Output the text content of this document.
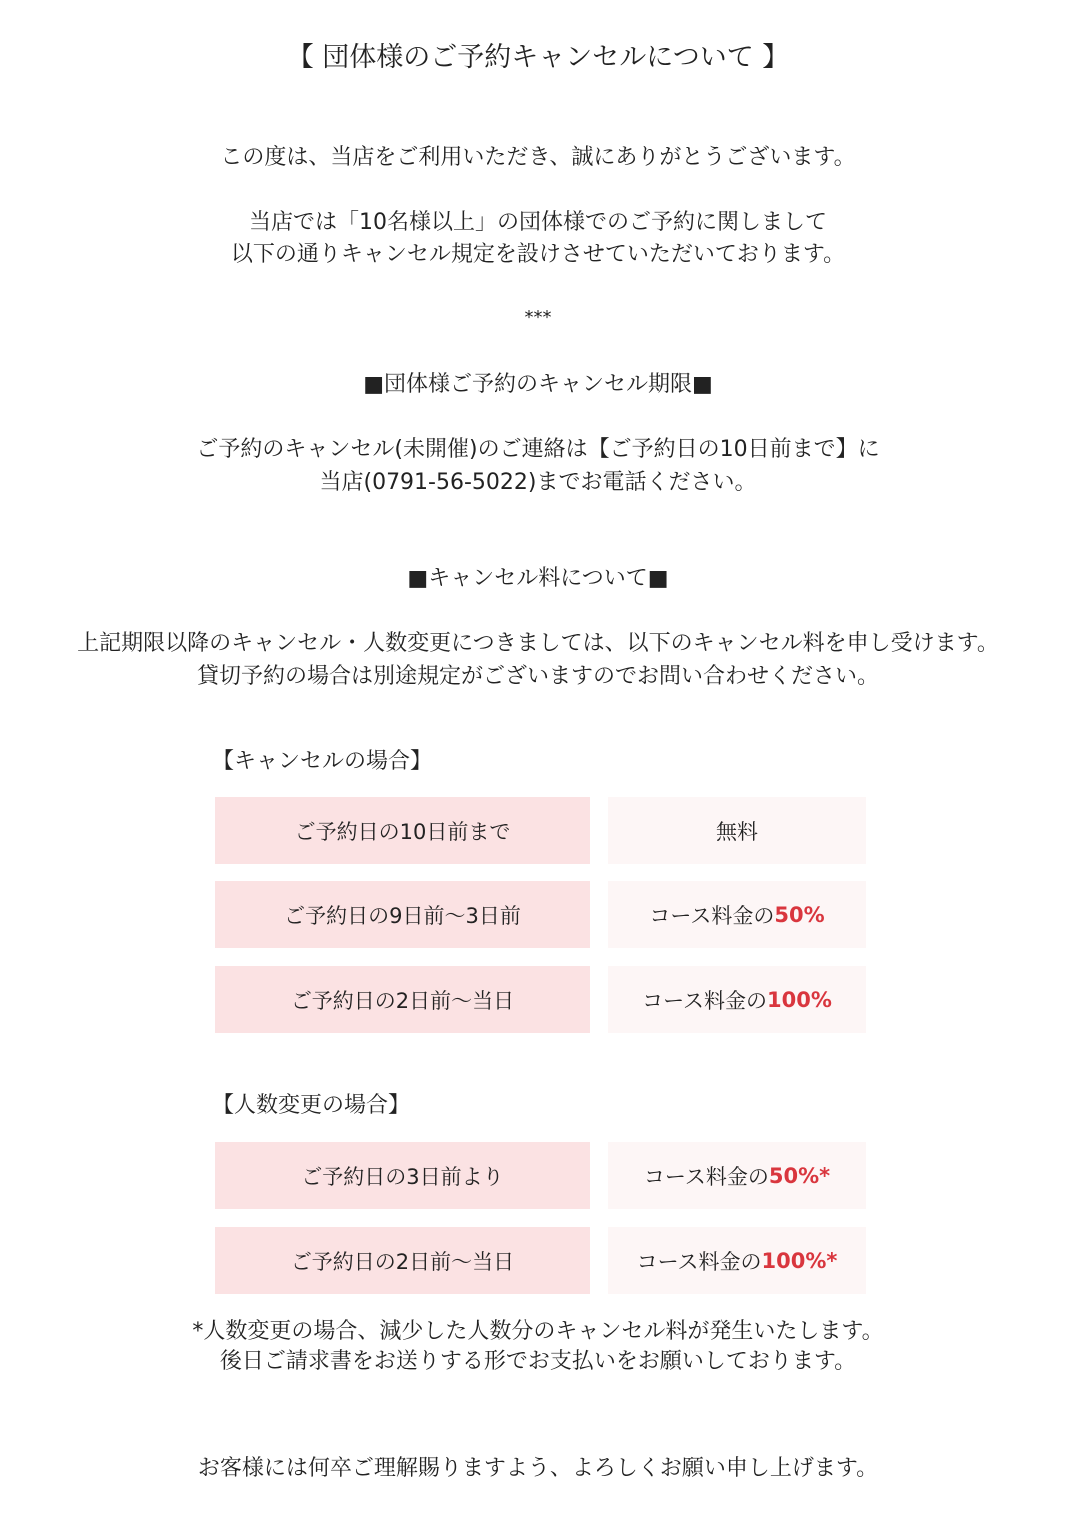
【 団体様のご予約キャンセルについて 】
この度は、当店をご利用いただき、誠にありがとうございます。
当店では「10名様以上」の団体様でのご予約に関しまして
以下の通りキャンセル規定を設けさせていただいております。
***
■団体様ご予約のキャンセル期限■
ご予約のキャンセル(未開催)のご連絡は【ご予約日の10日前まで】に
当店(0791-56-5022)までお電話ください。
■キャンセル料について■
上記期限以降のキャンセル・人数変更につきましては、以下のキャンセル料を申し受けます。
貸切予約の場合は別途規定がございますのでお問い合わせください。
【キャンセルの場合】
ご予約日の10日前まで	無料
ご予約日の9日前〜3日前	コース料金の 50%
ご予約日の2日前〜当日	コース料金の 100%
【人数変更の場合】
ご予約日の3日前より	コース料金の 50%*
ご予約日の2日前〜当日	コース料金の 100%*
*人数変更の場合、減少した人数分のキャンセル料が発生いたします。
後日ご請求書をお送りする形でお支払いをお願いしております。
お客様には何卒ご理解賜りますよう、よろしくお願い申し上げます。
